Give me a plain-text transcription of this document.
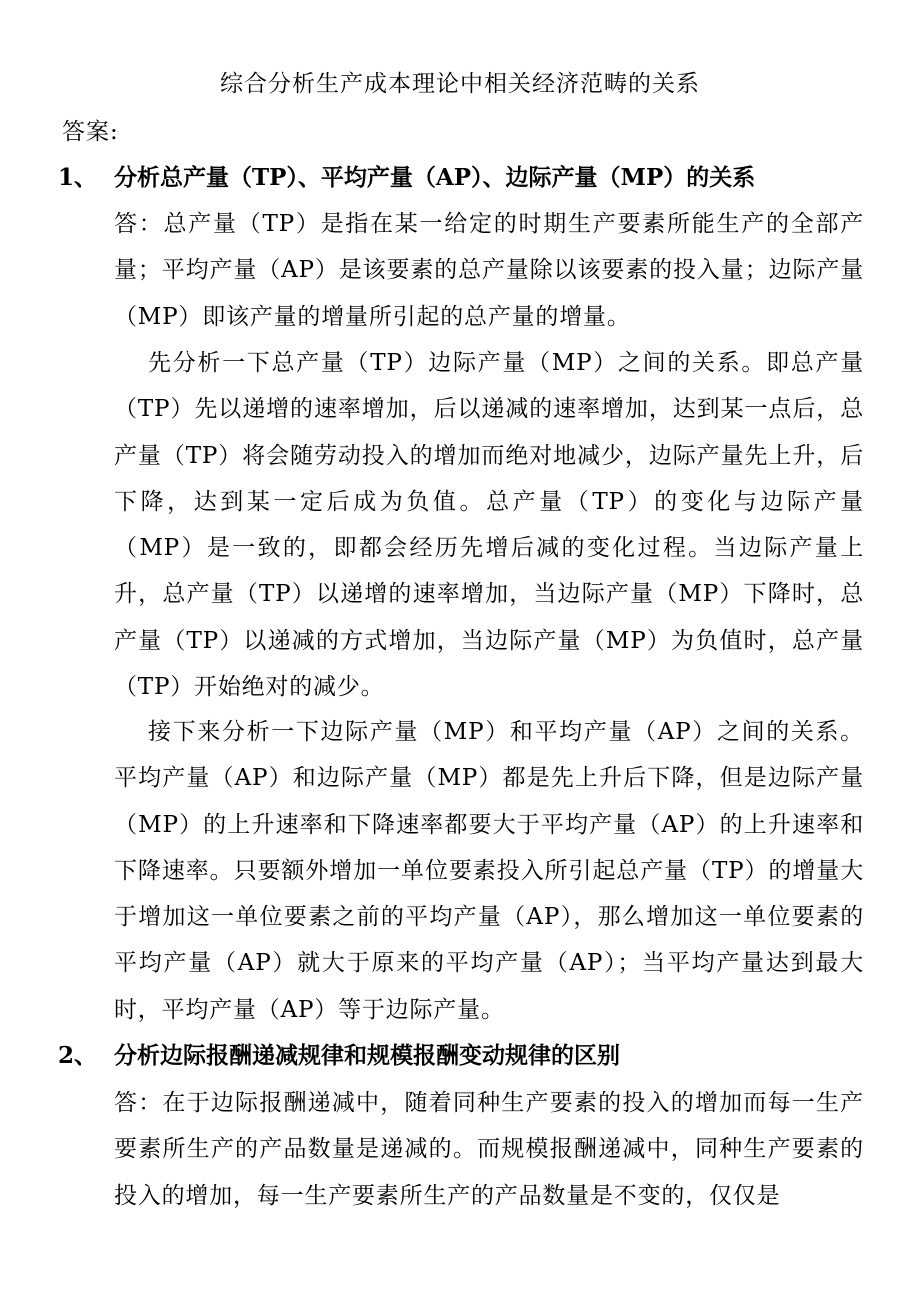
综合分析生产成本理论中相关经济范畴的关系
答案:
1、 分析总产量（TP）、平均产量（AP）、边际产量（MP）的关系

答：总产量（TP）是指在某一给定的时期生产要素所能生产的全部产量；平均产量（AP）是该要素的总产量除以该要素的投入量；边际产量（MP）即该产量的增量所引起的总产量的增量。

先分析一下总产量（TP）边际产量（MP）之间的关系。即总产量（TP）先以递增的速率增加，后以递减的速率增加，达到某一点后，总产量（TP）将会随劳动投入的增加而绝对地减少，边际产量先上升，后下降，达到某一定后成为负值。总产量（TP）的变化与边际产量（MP）是一致的，即都会经历先增后减的变化过程。当边际产量上升，总产量（TP）以递增的速率增加，当边际产量（MP）下降时，总产量（TP）以递减的方式增加，当边际产量（MP）为负值时，总产量（TP）开始绝对的减少。

接下来分析一下边际产量（MP）和平均产量（AP）之间的关系。平均产量（AP）和边际产量（MP）都是先上升后下降，但是边际产量（MP）的上升速率和下降速率都要大于平均产量（AP）的上升速率和下降速率。只要额外增加一单位要素投入所引起总产量（TP）的增量大于增加这一单位要素之前的平均产量（AP），那么增加这一单位要素的平均产量（AP）就大于原来的平均产量（AP）；当平均产量达到最大时，平均产量（AP）等于边际产量。

2、 分析边际报酬递减规律和规模报酬变动规律的区别

答：在于边际报酬递减中，随着同种生产要素的投入的增加而每一生产要素所生产的产品数量是递减的。而规模报酬递减中，同种生产要素的投入的增加，每一生产要素所生产的产品数量是不变的，仅仅是
